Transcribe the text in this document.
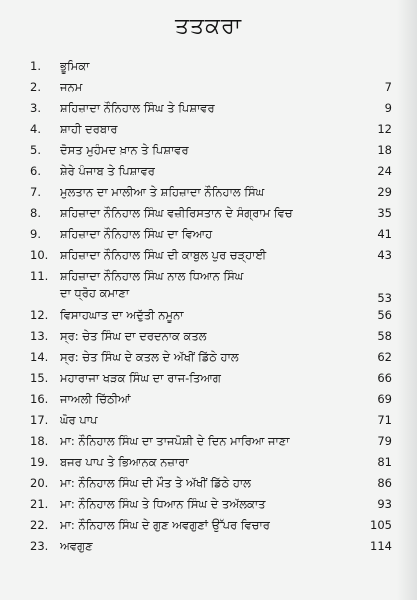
ਤਤਕਰਾ
1.	ਭੂਮਿਕਾ
2.	ਜਨਮ	7
3.	ਸ਼ਹਿਜ਼ਾਦਾ ਨੌਨਿਹਾਲ ਸਿੰਘ ਤੇ ਪਿਸ਼ਾਵਰ	9
4.	ਸ਼ਾਹੀ ਦਰਬਾਰ	12
5.	ਦੋਸਤ ਮੁਹੰਮਦ ਖ਼ਾਨ ਤੇ ਪਿਸ਼ਾਵਰ	18
6.	ਸ਼ੇਰੇ ਪੰਜਾਬ ਤੇ ਪਿਸ਼ਾਵਰ	24
7.	ਮੁਲਤਾਨ ਦਾ ਮਾਲੀਆ ਤੇ ਸ਼ਹਿਜ਼ਾਦਾ ਨੌਨਿਹਾਲ ਸਿੰਘ	29
8.	ਸ਼ਹਿਜ਼ਾਦਾ ਨੌਨਿਹਾਲ ਸਿੰਘ ਵਜ਼ੀਰਿਸਤਾਨ ਦੇ ਸੰਗ੍ਰਾਮ ਵਿਚ	35
9.	ਸ਼ਹਿਜ਼ਾਦਾ ਨੌਨਿਹਾਲ ਸਿੰਘ ਦਾ ਵਿਆਹ	41
10.	ਸ਼ਹਿਜ਼ਾਦਾ ਨੌਨਿਹਾਲ ਸਿੰਘ ਦੀ ਕਾਬੁਲ ਪੁਰ ਚੜ੍ਹਾਈ	43
11.	ਸ਼ਹਿਜ਼ਾਦਾ ਨੌਨਿਹਾਲ ਸਿੰਘ ਨਾਲ ਧਿਆਨ ਸਿੰਘ
ਦਾ ਧ੍ਰੋਹ ਕਮਾਣਾ	53
12.	ਵਿਸਾਹਘਾਤ ਦਾ ਅਦੁੱਤੀ ਨਮੂਨਾ	56
13.	ਸ੍ਰ: ਚੇਤ ਸਿੰਘ ਦਾ ਦਰਦਨਾਕ ਕਤਲ	58
14.	ਸ੍ਰ: ਚੇਤ ਸਿੰਘ ਦੇ ਕਤਲ ਦੇ ਅੱਖੀਂ ਡਿੱਠੇ ਹਾਲ	62
15.	ਮਹਾਰਾਜਾ ਖੜਕ ਸਿੰਘ ਦਾ ਰਾਜ-ਤਿਆਗ	66
16.	ਜਾਅਲੀ ਚਿੱਠੀਆਂ	69
17.	ਘੋਰ ਪਾਪ	71
18.	ਮਾ: ਨੌਨਿਹਾਲ ਸਿੰਘ ਦਾ ਤਾਜਪੋਸ਼ੀ ਦੇ ਦਿਨ ਮਾਰਿਆ ਜਾਣਾ	79
19.	ਬਜਰ ਪਾਪ ਤੇ ਭਿਆਨਕ ਨਜ਼ਾਰਾ	81
20.	ਮਾ: ਨੌਨਿਹਾਲ ਸਿੰਘ ਦੀ ਮੌਤ ਤੇ ਅੱਖੀਂ ਡਿੱਠੇ ਹਾਲ	86
21.	ਮਾ: ਨੌਨਿਹਾਲ ਸਿੰਘ ਤੇ ਧਿਆਨ ਸਿੰਘ ਦੇ ਤਅੱਲਕਾਤ	93
22.	ਮਾ: ਨੌਨਿਹਾਲ ਸਿੰਘ ਦੇ ਗੁਣ ਅਵਗੁਣਾਂ ਉੱਪਰ ਵਿਚਾਰ	105
23.	ਅਵਗੁਣ	114
